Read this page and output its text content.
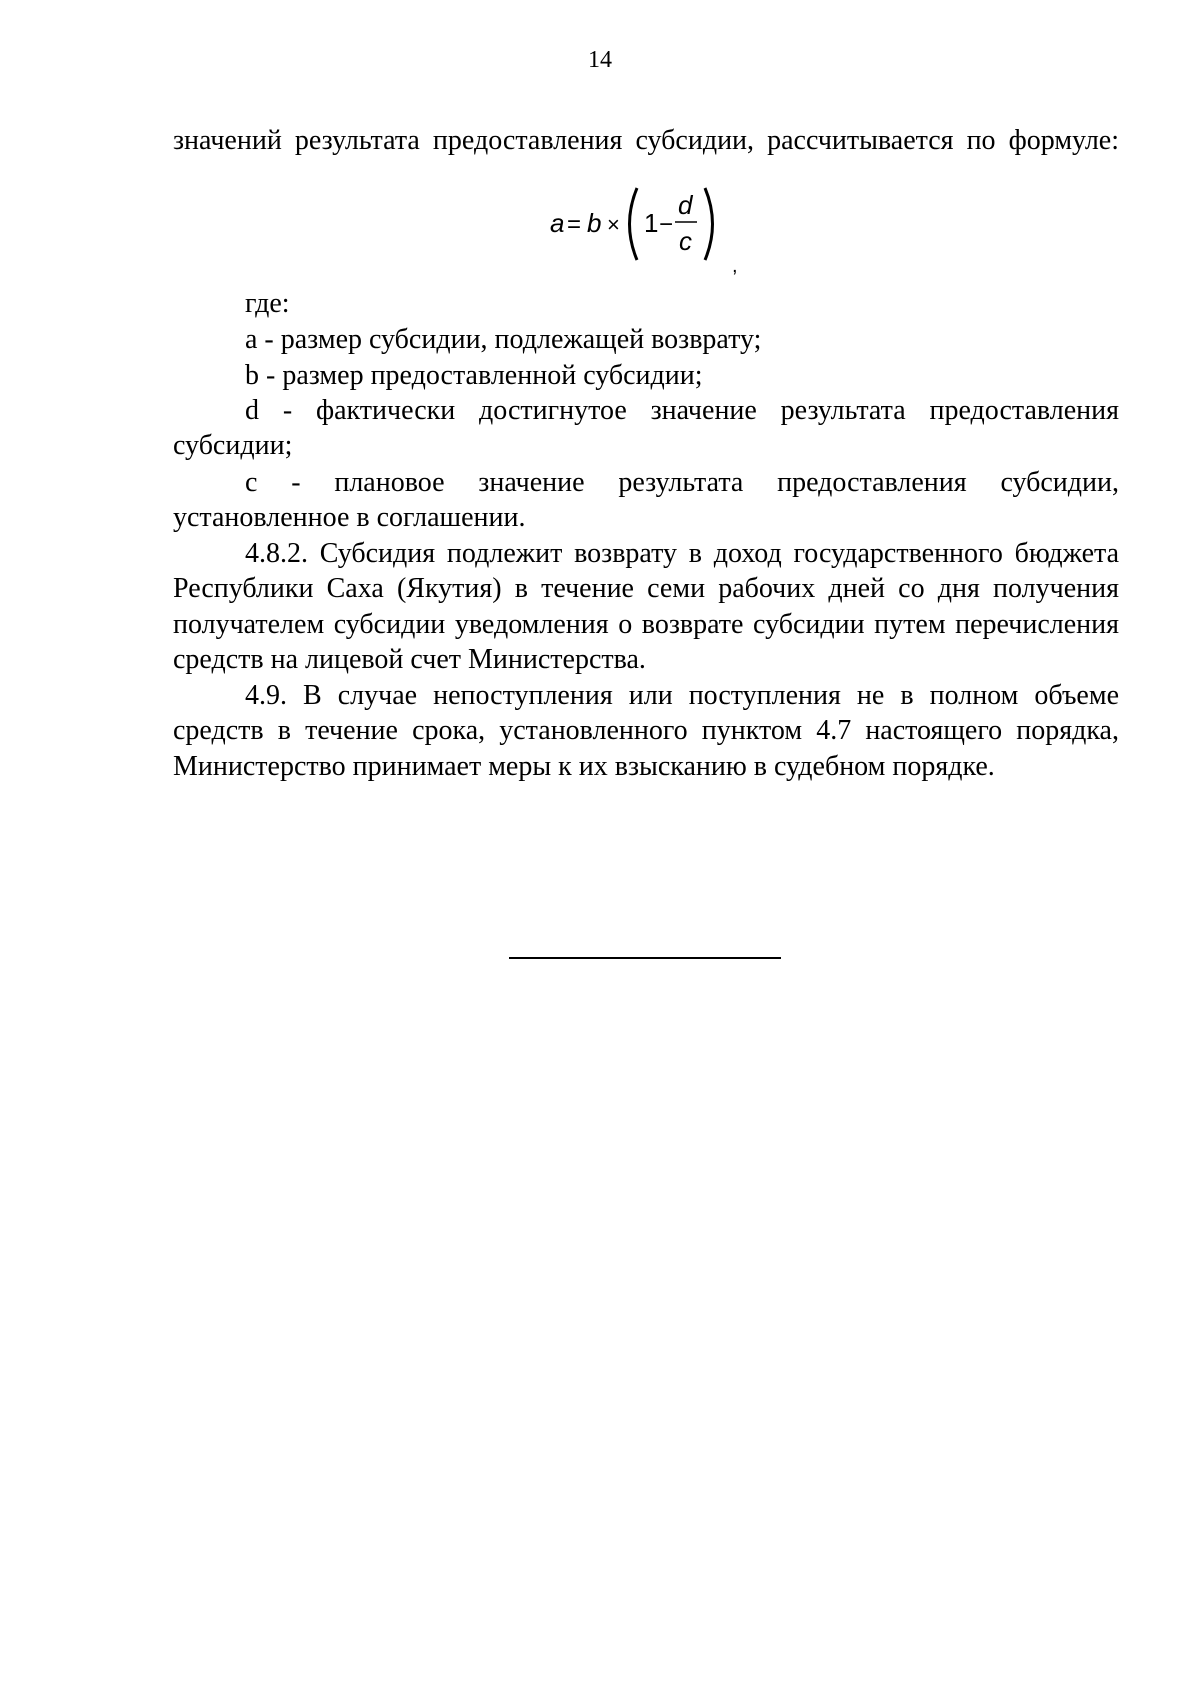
14
значений результата предоставления субсидии, рассчитывается по формуле:
a = b × 1 −
d
c
,
где:
a - размер субсидии, подлежащей возврату;
b - размер предоставленной субсидии;
d - фактически достигнутое значение результата предоставления
субсидии;
c - плановое значение результата предоставления субсидии,
установленное в соглашении.
4.8.2. Субсидия подлежит возврату в доход государственного бюджета
Республики Саха (Якутия) в течение семи рабочих дней со дня получения
получателем субсидии уведомления о возврате субсидии путем перечисления
средств на лицевой счет Министерства.
4.9. В случае непоступления или поступления не в полном объеме
средств в течение срока, установленного пунктом 4.7 настоящего порядка,
Министерство принимает меры к их взысканию в судебном порядке.
